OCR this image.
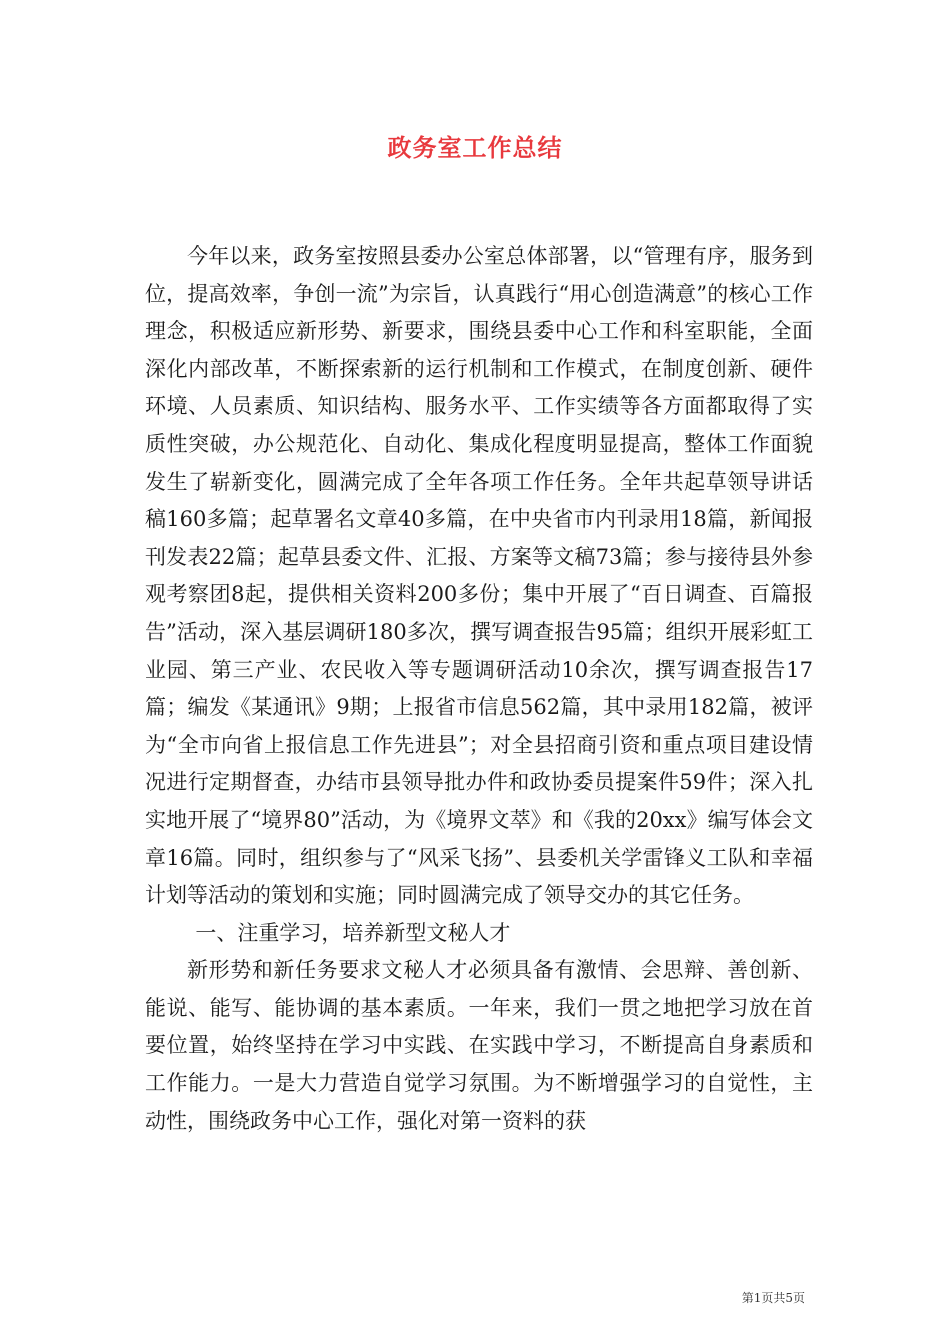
政务室工作总结

今年以来，政务室按照县委办公室总体部署，以“管理有序，服务到位，提高效率，争创一流”为宗旨，认真践行“用心创造满意”的核心工作理念，积极适应新形势、新要求，围绕县委中心工作和科室职能，全面深化内部改革，不断探索新的运行机制和工作模式，在制度创新、硬件环境、人员素质、知识结构、服务水平、工作实绩等各方面都取得了实质性突破，办公规范化、自动化、集成化程度明显提高，整体工作面貌发生了崭新变化，圆满完成了全年各项工作任务。全年共起草领导讲话稿160多篇；起草署名文章40多篇，在中央省市内刊录用18篇，新闻报刊发表22篇；起草县委文件、汇报、方案等文稿73篇；参与接待县外参观考察团8起，提供相关资料200多份；集中开展了“百日调查、百篇报告”活动，深入基层调研180多次，撰写调查报告95篇；组织开展彩虹工业园、第三产业、农民收入等专题调研活动10余次，撰写调查报告17篇；编发《某通讯》9期；上报省市信息562篇，其中录用182篇，被评为“全市向省上报信息工作先进县”；对全县招商引资和重点项目建设情况进行定期督查，办结市县领导批办件和政协委员提案件59件；深入扎实地开展了“境界80”活动，为《境界文萃》和《我的20xx》编写体会文章16篇。同时，组织参与了“风采飞扬”、县委机关学雷锋义工队和幸福计划等活动的策划和实施；同时圆满完成了领导交办的其它任务。

一、注重学习，培养新型文秘人才

新形势和新任务要求文秘人才必须具备有激情、会思辩、善创新、能说、能写、能协调的基本素质。一年来，我们一贯之地把学习放在首要位置，始终坚持在学习中实践、在实践中学习，不断提高自身素质和工作能力。一是大力营造自觉学习氛围。为不断增强学习的自觉性，主动性，围绕政务中心工作，强化对第一资料的获

第1页共5页
